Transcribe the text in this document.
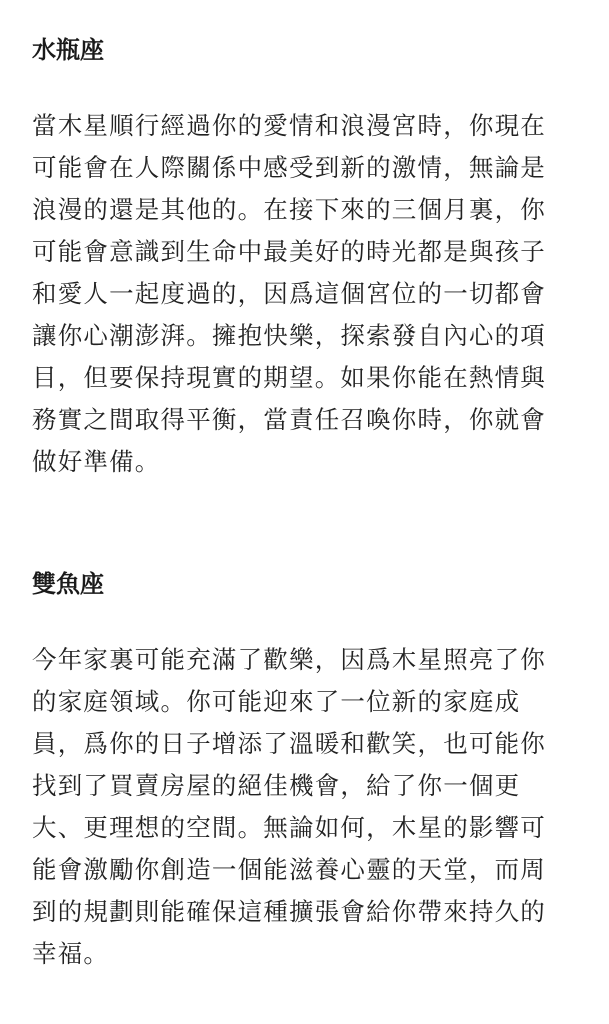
水瓶座

當木星順行經過你的愛情和浪漫宮時，你現在
可能會在人際關係中感受到新的激情，無論是
浪漫的還是其他的。在接下來的三個月裏，你
可能會意識到生命中最美好的時光都是與孩子
和愛人一起度過的，因爲這個宮位的一切都會
讓你心潮澎湃。擁抱快樂，探索發自內心的項
目，但要保持現實的期望。如果你能在熱情與
務實之間取得平衡，當責任召喚你時，你就會
做好準備。

雙魚座

今年家裏可能充滿了歡樂，因爲木星照亮了你
的家庭領域。你可能迎來了一位新的家庭成
員，爲你的日子增添了溫暖和歡笑，也可能你
找到了買賣房屋的絕佳機會，給了你一個更
大、更理想的空間。無論如何，木星的影響可
能會激勵你創造一個能滋養心靈的天堂，而周
到的規劃則能確保這種擴張會給你帶來持久的
幸福。
